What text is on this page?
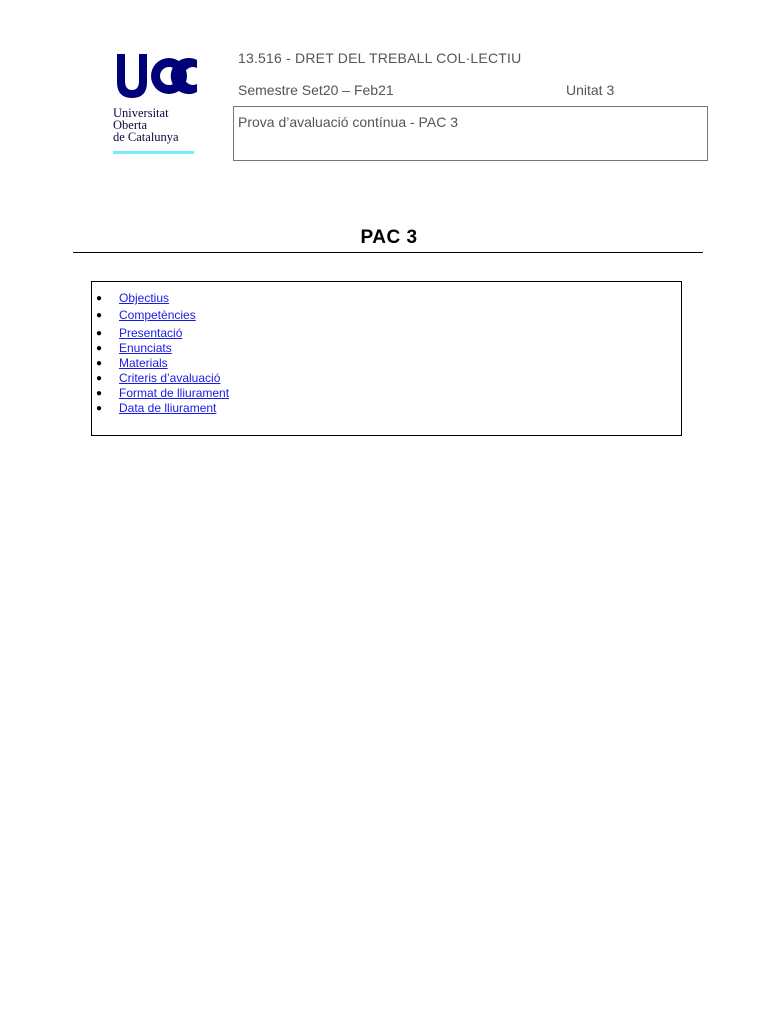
Universitat
Oberta
de Catalunya
13.516 - DRET DEL TREBALL COL·LECTIU
Semestre Set20 – Feb21	Unitat 3
Prova d’avaluació contínua - PAC 3
PAC 3
● Objectius
● Competències
● Presentació
● Enunciats
● Materials
● Criteris d’avaluació
● Format de lliurament
● Data de lliurament
